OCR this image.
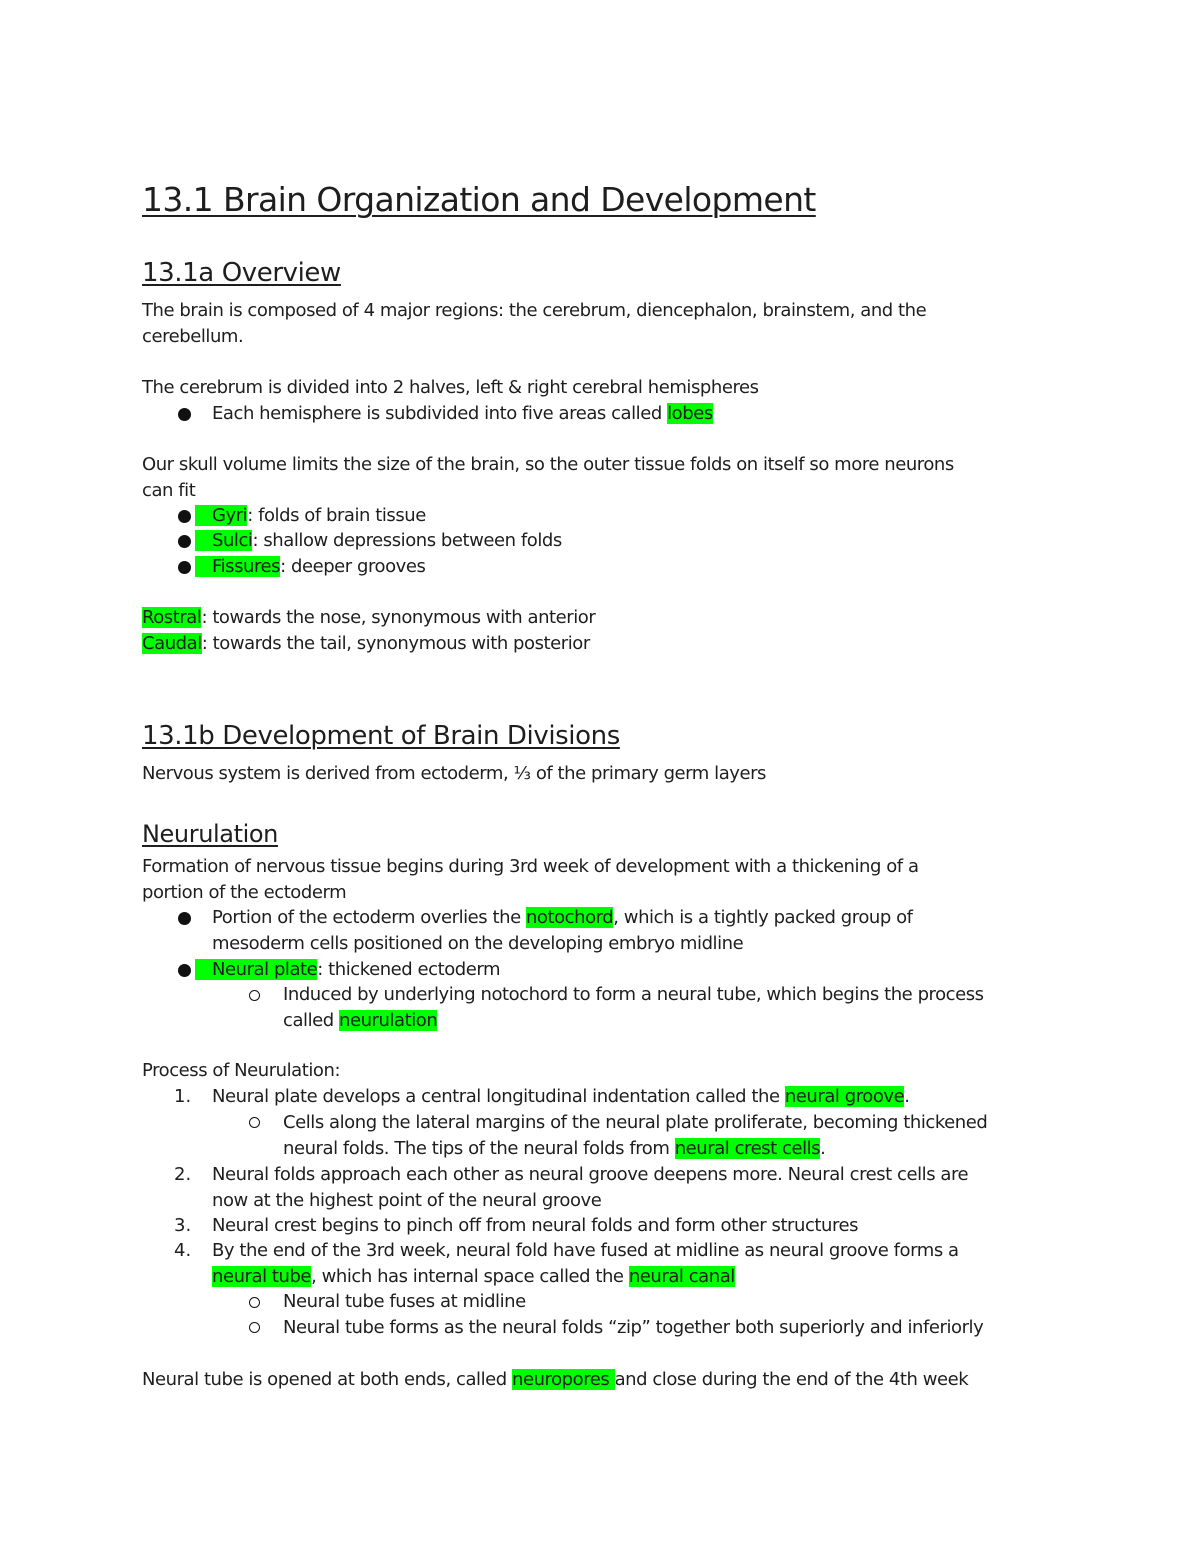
13.1 Brain Organization and Development
13.1a Overview
The brain is composed of 4 major regions: the cerebrum, diencephalon, brainstem, and the
cerebellum.
The cerebrum is divided into 2 halves, left & right cerebral hemispheres
Each hemisphere is subdivided into five areas called lobes
Our skull volume limits the size of the brain, so the outer tissue folds on itself so more neurons
can fit
Gyri: folds of brain tissue
Sulci: shallow depressions between folds
Fissures: deeper grooves
Rostral: towards the nose, synonymous with anterior
Caudal: towards the tail, synonymous with posterior
13.1b Development of Brain Divisions
Nervous system is derived from ectoderm, ⅓ of the primary germ layers
Neurulation
Formation of nervous tissue begins during 3rd week of development with a thickening of a
portion of the ectoderm
Portion of the ectoderm overlies the notochord, which is a tightly packed group of
mesoderm cells positioned on the developing embryo midline
Neural plate: thickened ectoderm
Induced by underlying notochord to form a neural tube, which begins the process
called neurulation
Process of Neurulation:
1.	Neural plate develops a central longitudinal indentation called the neural groove.
Cells along the lateral margins of the neural plate proliferate, becoming thickened
neural folds. The tips of the neural folds from neural crest cells.
2.	Neural folds approach each other as neural groove deepens more. Neural crest cells are
now at the highest point of the neural groove
3.	Neural crest begins to pinch off from neural folds and form other structures
4.	By the end of the 3rd week, neural fold have fused at midline as neural groove forms a
neural tube, which has internal space called the neural canal
Neural tube fuses at midline
Neural tube forms as the neural folds “zip” together both superiorly and inferiorly
Neural tube is opened at both ends, called neuropores and close during the end of the 4th week
